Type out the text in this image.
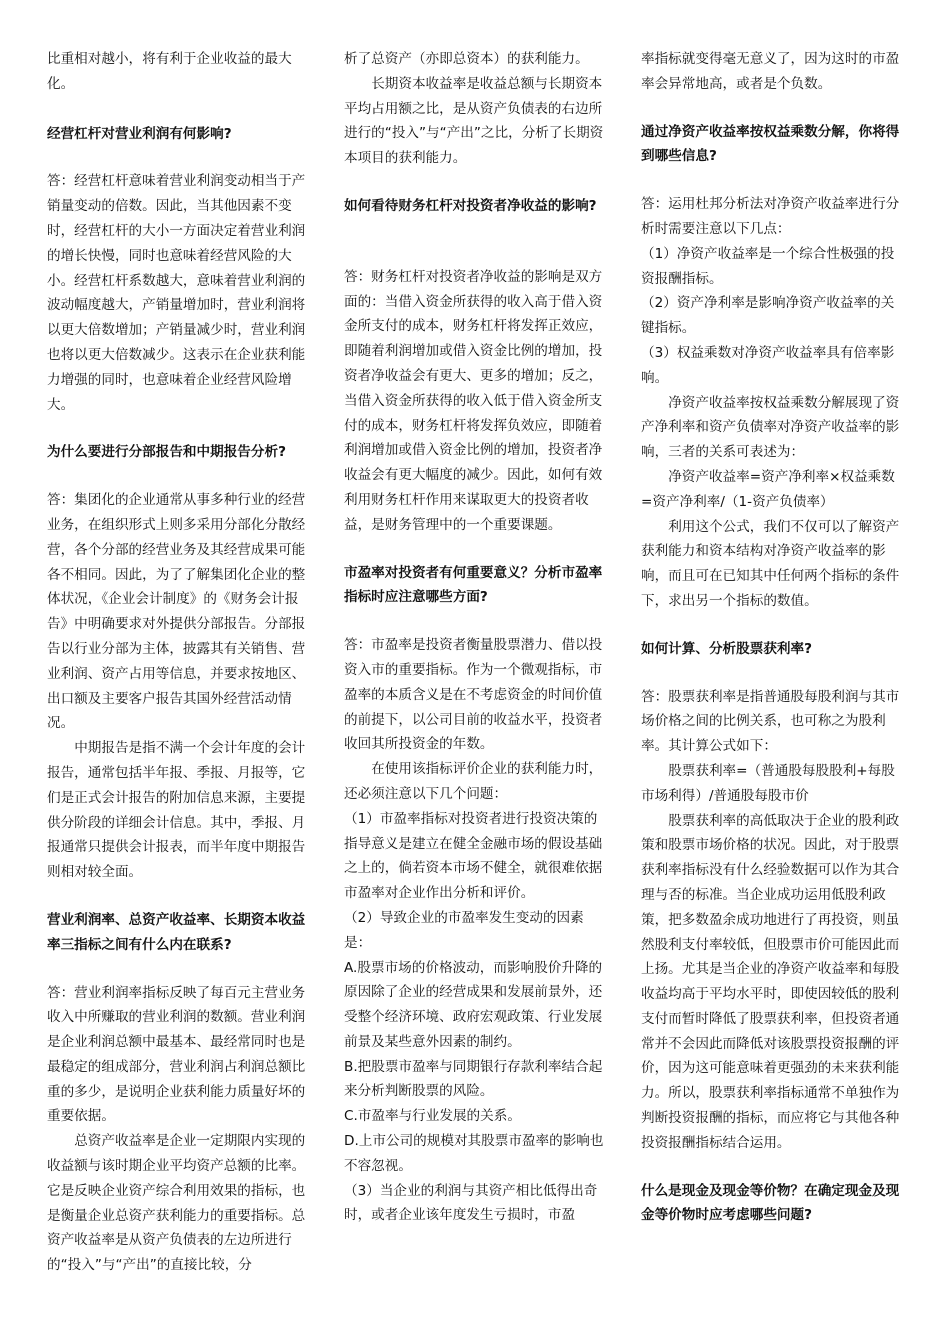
比重相对越小，将有利于企业收益的最大化。

经营杠杆对营业利润有何影响?

答：经营杠杆意味着营业利润变动相当于产销量变动的倍数。因此，当其他因素不变时，经营杠杆的大小一方面决定着营业利润的增长快慢，同时也意味着经营风险的大小。经营杠杆系数越大，意味着营业利润的波动幅度越大，产销量增加时，营业利润将以更大倍数增加；产销量减少时，营业利润也将以更大倍数减少。这表示在企业获利能力增强的同时，也意味着企业经营风险增大。

为什么要进行分部报告和中期报告分析?

答：集团化的企业通常从事多种行业的经营业务，在组织形式上则多采用分部化分散经营，各个分部的经营业务及其经营成果可能各不相同。因此，为了了解集团化企业的整体状况，《企业会计制度》的《财务会计报告》中明确要求对外提供分部报告。分部报告以行业分部为主体，披露其有关销售、营业利润、资产占用等信息，并要求按地区、出口额及主要客户报告其国外经营活动情况。

中期报告是指不满一个会计年度的会计报告，通常包括半年报、季报、月报等，它们是正式会计报告的附加信息来源，主要提供分阶段的详细会计信息。其中，季报、月报通常只提供会计报表，而半年度中期报告则相对较全面。

营业利润率、总资产收益率、长期资本收益率三指标之间有什么内在联系?

答：营业利润率指标反映了每百元主营业务收入中所赚取的营业利润的数额。营业利润是企业利润总额中最基本、最经常同时也是最稳定的组成部分，营业利润占利润总额比重的多少，是说明企业获利能力质量好坏的重要依据。

总资产收益率是企业一定期限内实现的收益额与该时期企业平均资产总额的比率。它是反映企业资产综合利用效果的指标，也是衡量企业总资产获利能力的重要指标。总资产收益率是从资产负债表的左边所进行的“投入”与“产出”的直接比较，分

析了总资产（亦即总资本）的获利能力。

长期资本收益率是收益总额与长期资本平均占用额之比，是从资产负债表的右边所进行的“投入”与“产出”之比，分析了长期资本项目的获利能力。

如何看待财务杠杆对投资者净收益的影响?

答：财务杠杆对投资者净收益的影响是双方面的：当借入资金所获得的收入高于借入资金所支付的成本，财务杠杆将发挥正效应，即随着利润增加或借入资金比例的增加，投资者净收益会有更大、更多的增加；反之，当借入资金所获得的收入低于借入资金所支付的成本，财务杠杆将发挥负效应，即随着利润增加或借入资金比例的增加，投资者净收益会有更大幅度的减少。因此，如何有效利用财务杠杆作用来谋取更大的投资者收益，是财务管理中的一个重要课题。

市盈率对投资者有何重要意义？分析市盈率指标时应注意哪些方面?

答：市盈率是投资者衡量股票潜力、借以投资入市的重要指标。作为一个微观指标，市盈率的本质含义是在不考虑资金的时间价值的前提下，以公司目前的收益水平，投资者收回其所投资金的年数。

在使用该指标评价企业的获利能力时，还必须注意以下几个问题：

（1）市盈率指标对投资者进行投资决策的指导意义是建立在健全金融市场的假设基础之上的，倘若资本市场不健全，就很难依据市盈率对企业作出分析和评价。

（2）导致企业的市盈率发生变动的因素是：

A.股票市场的价格波动，而影响股价升降的原因除了企业的经营成果和发展前景外，还受整个经济环境、政府宏观政策、行业发展前景及某些意外因素的制约。

B.把股票市盈率与同期银行存款利率结合起来分析判断股票的风险。

C.市盈率与行业发展的关系。

D.上市公司的规模对其股票市盈率的影响也不容忽视。

（3）当企业的利润与其资产相比低得出奇时，或者企业该年度发生亏损时，市盈

率指标就变得毫无意义了，因为这时的市盈率会异常地高，或者是个负数。

通过净资产收益率按权益乘数分解，你将得到哪些信息?

答：运用杜邦分析法对净资产收益率进行分析时需要注意以下几点：

（1）净资产收益率是一个综合性极强的投资报酬指标。

（2）资产净利率是影响净资产收益率的关键指标。

（3）权益乘数对净资产收益率具有倍率影响。

净资产收益率按权益乘数分解展现了资产净利率和资产负债率对净资产收益率的影响，三者的关系可表述为：

净资产收益率=资产净利率×权益乘数=资产净利率/（1-资产负债率）

利用这个公式，我们不仅可以了解资产获利能力和资本结构对净资产收益率的影响，而且可在已知其中任何两个指标的条件下，求出另一个指标的数值。

如何计算、分析股票获利率?

答：股票获利率是指普通股每股利润与其市场价格之间的比例关系，也可称之为股利率。其计算公式如下：

股票获利率=（普通股每股股利+每股市场利得）/普通股每股市价

股票获利率的高低取决于企业的股利政策和股票市场价格的状况。因此，对于股票获利率指标没有什么经验数据可以作为其合理与否的标准。当企业成功运用低股利政策，把多数盈余成功地进行了再投资，则虽然股利支付率较低，但股票市价可能因此而上扬。尤其是当企业的净资产收益率和每股收益均高于平均水平时，即使因较低的股利支付而暂时降低了股票获利率，但投资者通常并不会因此而降低对该股票投资报酬的评价，因为这可能意味着更强劲的未来获利能力。所以，股票获利率指标通常不单独作为判断投资报酬的指标，而应将它与其他各种投资报酬指标结合运用。

什么是现金及现金等价物？在确定现金及现金等价物时应考虑哪些问题?
